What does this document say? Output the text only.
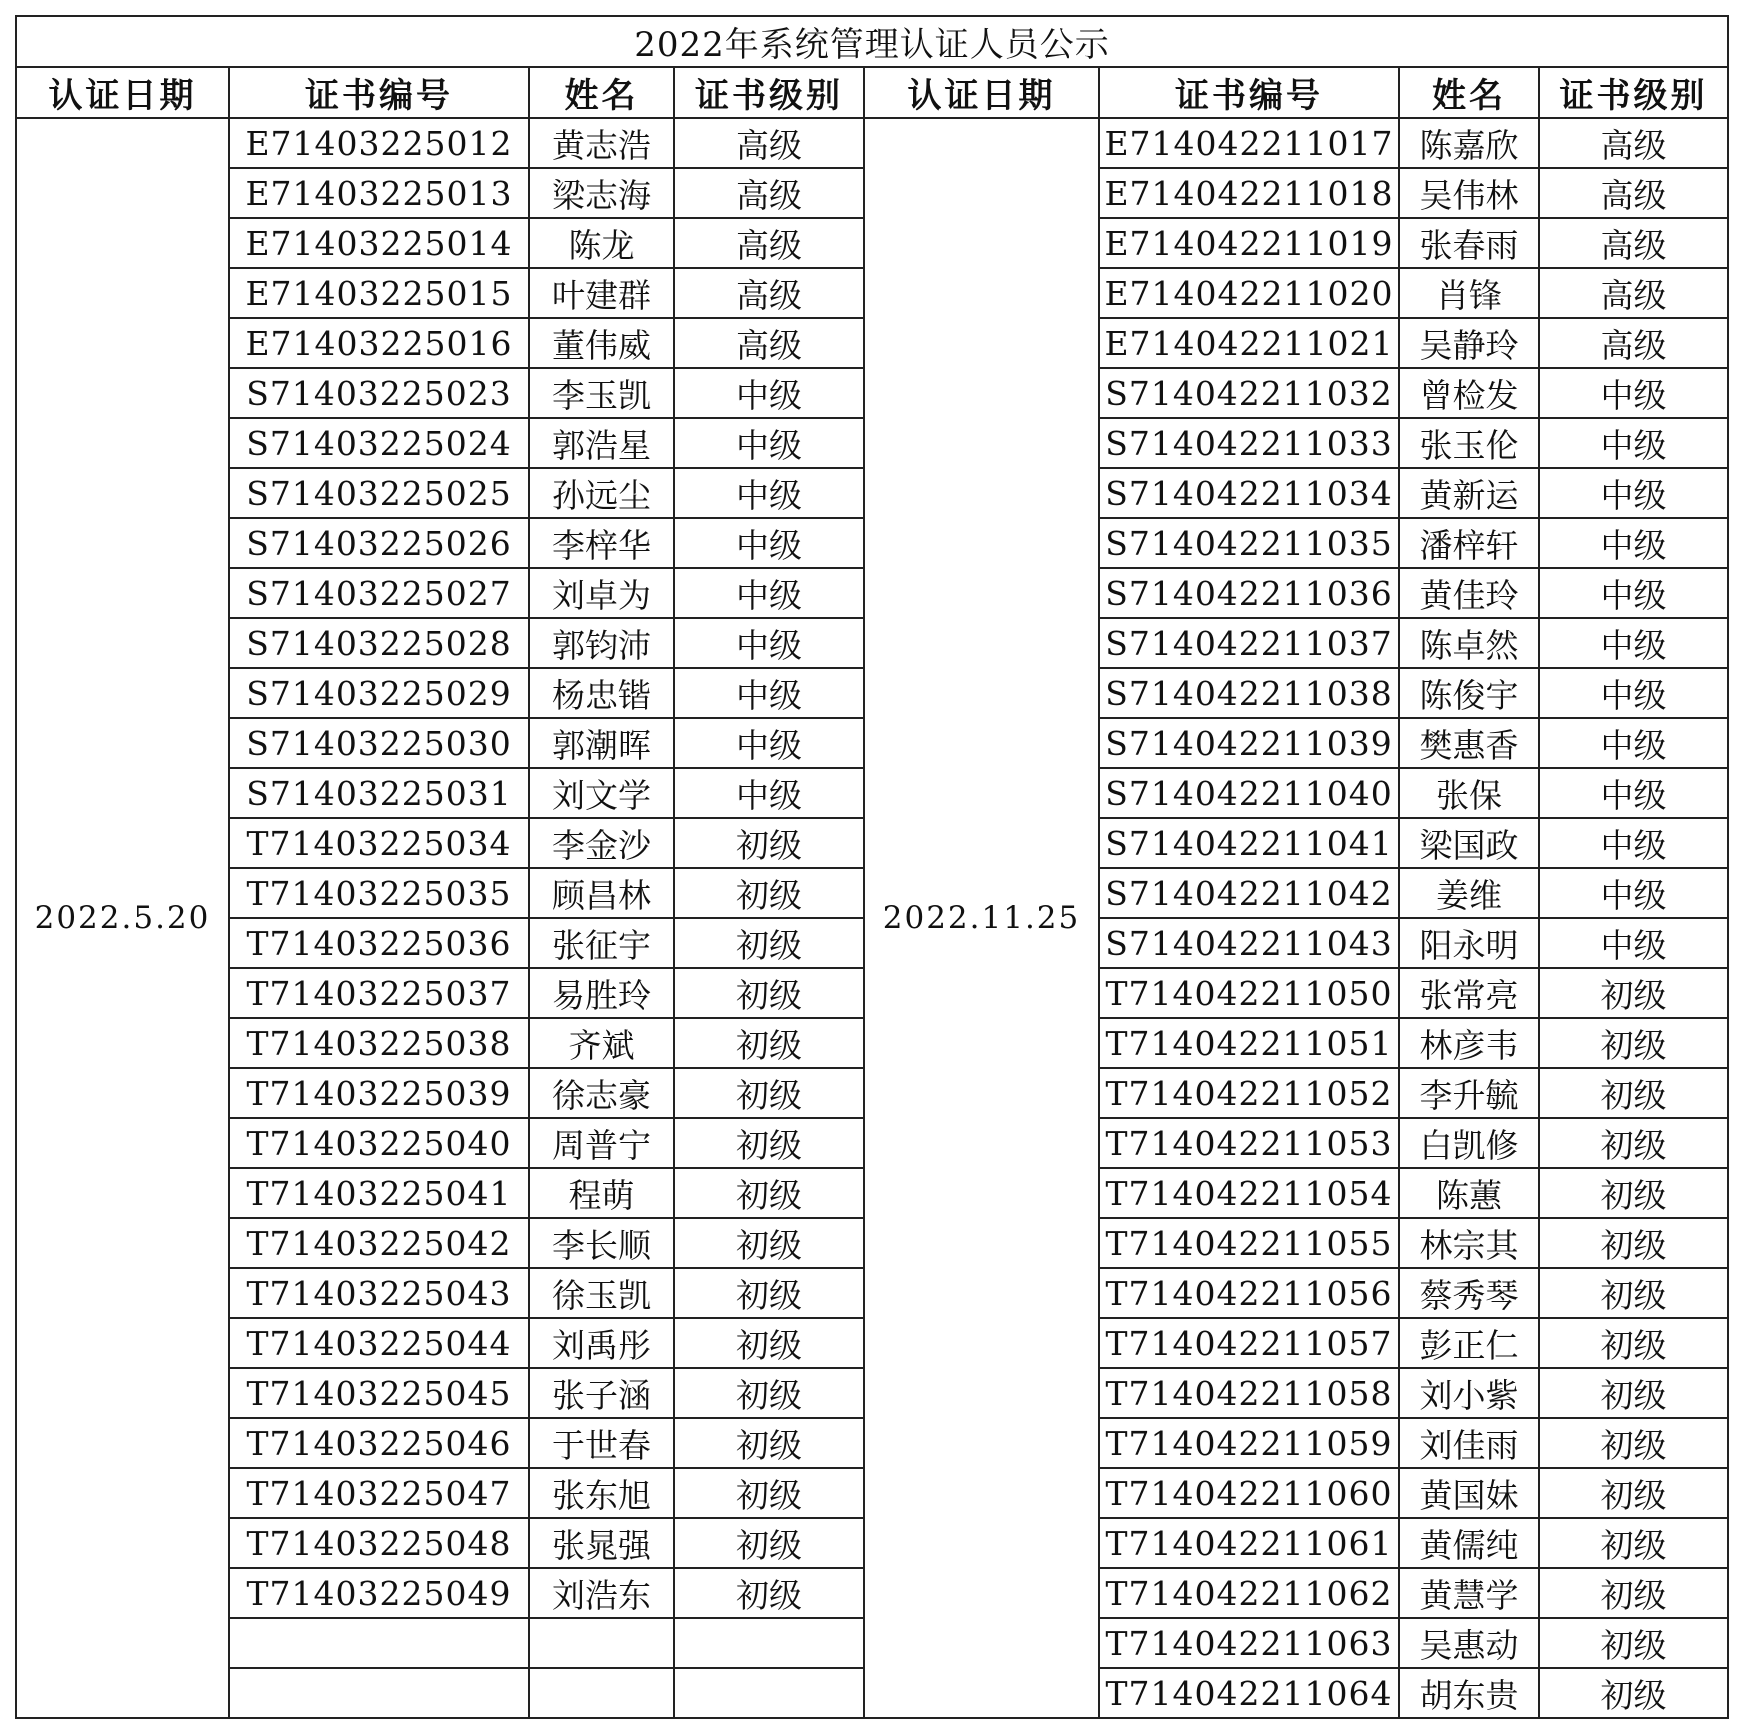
2022年系统管理认证人员公示							
认证日期	证书编号	姓名	证书级别	认证日期	证书编号	姓名	证书级别
2022.5.20	E71403225012	黄志浩	高级	2022.11.25	E714042211017	陈嘉欣	高级
	E71403225013	梁志海	高级		E714042211018	吴伟林	高级
	E71403225014	陈龙	高级		E714042211019	张春雨	高级
	E71403225015	叶建群	高级		E714042211020	肖锋	高级
	E71403225016	董伟威	高级		E714042211021	吴静玲	高级
	S71403225023	李玉凯	中级		S714042211032	曾检发	中级
	S71403225024	郭浩星	中级		S714042211033	张玉伦	中级
	S71403225025	孙远尘	中级		S714042211034	黄新运	中级
	S71403225026	李梓华	中级		S714042211035	潘梓轩	中级
	S71403225027	刘卓为	中级		S714042211036	黄佳玲	中级
	S71403225028	郭钧沛	中级		S714042211037	陈卓然	中级
	S71403225029	杨忠锴	中级		S714042211038	陈俊宇	中级
	S71403225030	郭潮晖	中级		S714042211039	樊惠香	中级
	S71403225031	刘文学	中级		S714042211040	张保	中级
	T71403225034	李金沙	初级		S714042211041	梁国政	中级
	T71403225035	顾昌林	初级		S714042211042	姜维	中级
	T71403225036	张征宇	初级		S714042211043	阳永明	中级
	T71403225037	易胜玲	初级		T714042211050	张常亮	初级
	T71403225038	齐斌	初级		T714042211051	林彦韦	初级
	T71403225039	徐志豪	初级		T714042211052	李升毓	初级
	T71403225040	周普宁	初级		T714042211053	白凯修	初级
	T71403225041	程萌	初级		T714042211054	陈蕙	初级
	T71403225042	李长顺	初级		T714042211055	林宗其	初级
	T71403225043	徐玉凯	初级		T714042211056	蔡秀琴	初级
	T71403225044	刘禹彤	初级		T714042211057	彭正仁	初级
	T71403225045	张子涵	初级		T714042211058	刘小紫	初级
	T71403225046	于世春	初级		T714042211059	刘佳雨	初级
	T71403225047	张东旭	初级		T714042211060	黄国妹	初级
	T71403225048	张晁强	初级		T714042211061	黄儒纯	初级
	T71403225049	刘浩东	初级		T714042211062	黄慧学	初级
					T714042211063	吴惠动	初级
					T714042211064	胡东贵	初级
